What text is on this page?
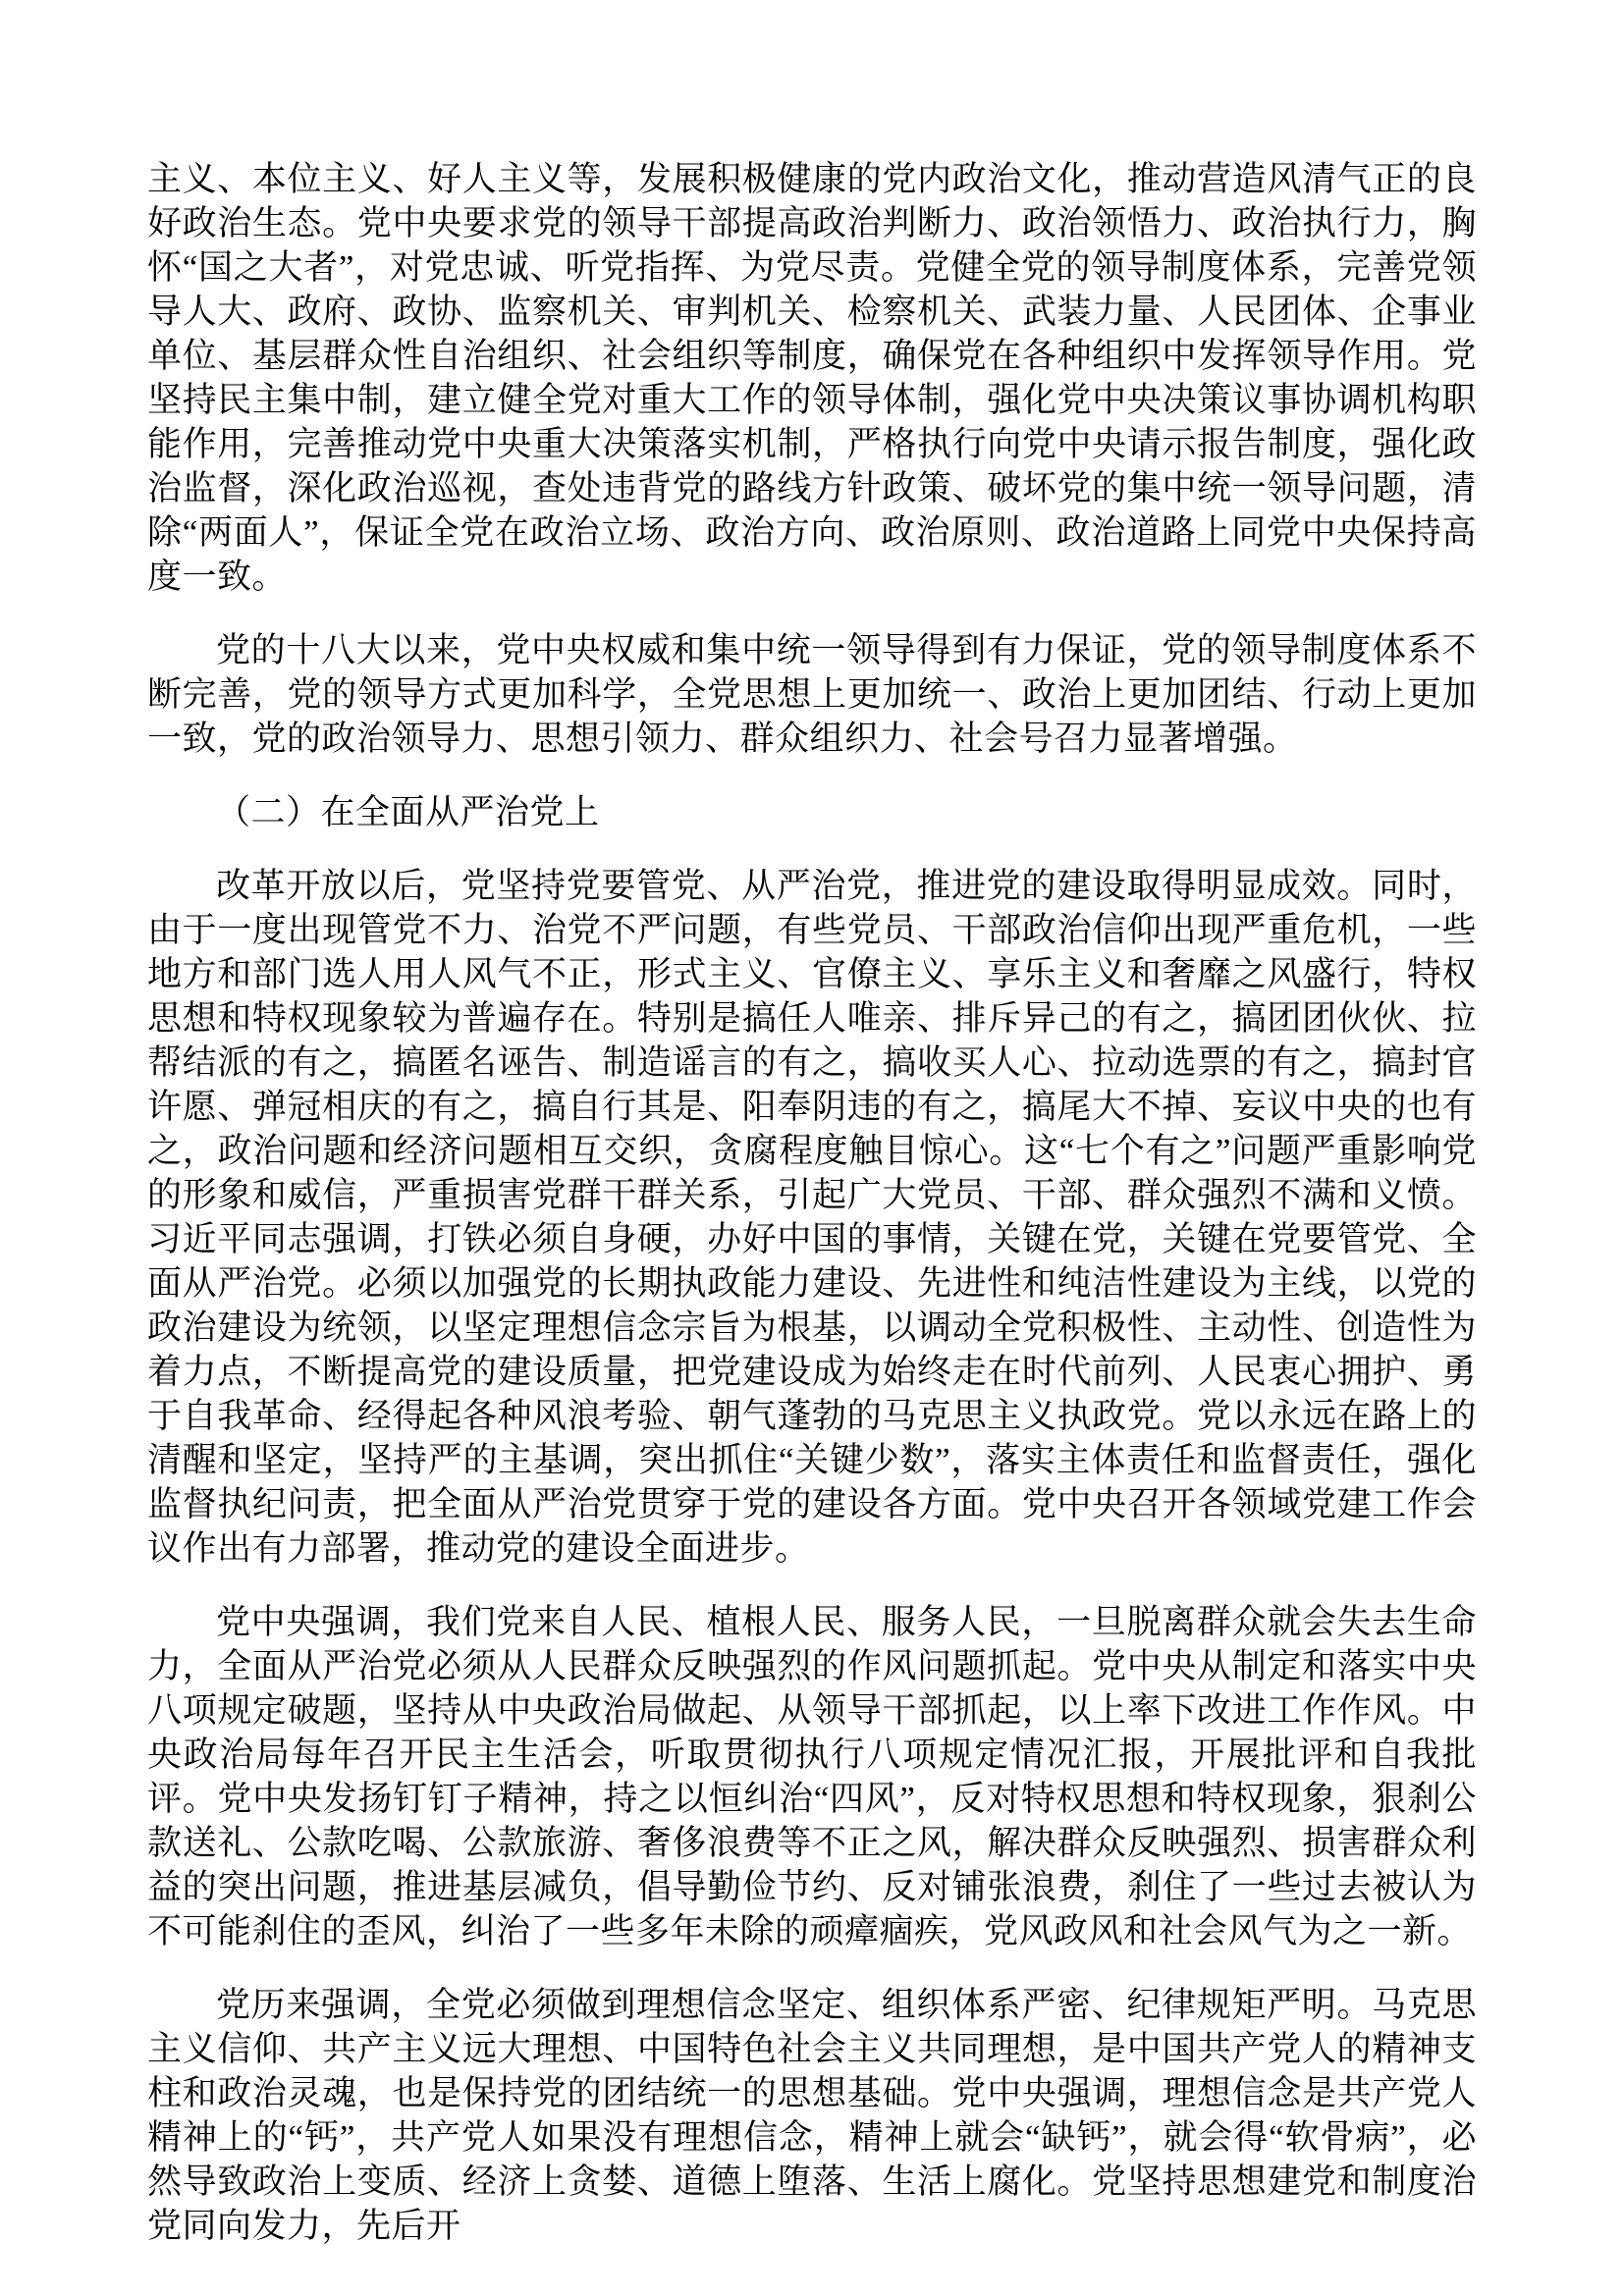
主义、本位主义、好人主义等，发展积极健康的党内政治文化，推动营造风清气正的良好政治生态。党中央要求党的领导干部提高政治判断力、政治领悟力、政治执行力，胸怀“国之大者”，对党忠诚、听党指挥、为党尽责。党健全党的领导制度体系，完善党领导人大、政府、政协、监察机关、审判机关、检察机关、武装力量、人民团体、企事业单位、基层群众性自治组织、社会组织等制度，确保党在各种组织中发挥领导作用。党坚持民主集中制，建立健全党对重大工作的领导体制，强化党中央决策议事协调机构职能作用，完善推动党中央重大决策落实机制，严格执行向党中央请示报告制度，强化政治监督，深化政治巡视，查处违背党的路线方针政策、破坏党的集中统一领导问题，清除“两面人”，保证全党在政治立场、政治方向、政治原则、政治道路上同党中央保持高度一致。

党的十八大以来，党中央权威和集中统一领导得到有力保证，党的领导制度体系不断完善，党的领导方式更加科学，全党思想上更加统一、政治上更加团结、行动上更加一致，党的政治领导力、思想引领力、群众组织力、社会号召力显著增强。

（二）在全面从严治党上

改革开放以后，党坚持党要管党、从严治党，推进党的建设取得明显成效。同时，由于一度出现管党不力、治党不严问题，有些党员、干部政治信仰出现严重危机，一些地方和部门选人用人风气不正，形式主义、官僚主义、享乐主义和奢靡之风盛行，特权思想和特权现象较为普遍存在。特别是搞任人唯亲、排斥异己的有之，搞团团伙伙、拉帮结派的有之，搞匿名诬告、制造谣言的有之，搞收买人心、拉动选票的有之，搞封官许愿、弹冠相庆的有之，搞自行其是、阳奉阴违的有之，搞尾大不掉、妄议中央的也有之，政治问题和经济问题相互交织，贪腐程度触目惊心。这“七个有之”问题严重影响党的形象和威信，严重损害党群干群关系，引起广大党员、干部、群众强烈不满和义愤。习近平同志强调，打铁必须自身硬，办好中国的事情，关键在党，关键在党要管党、全面从严治党。必须以加强党的长期执政能力建设、先进性和纯洁性建设为主线，以党的政治建设为统领，以坚定理想信念宗旨为根基，以调动全党积极性、主动性、创造性为着力点，不断提高党的建设质量，把党建设成为始终走在时代前列、人民衷心拥护、勇于自我革命、经得起各种风浪考验、朝气蓬勃的马克思主义执政党。党以永远在路上的清醒和坚定，坚持严的主基调，突出抓住“关键少数”，落实主体责任和监督责任，强化监督执纪问责，把全面从严治党贯穿于党的建设各方面。党中央召开各领域党建工作会议作出有力部署，推动党的建设全面进步。

党中央强调，我们党来自人民、植根人民、服务人民，一旦脱离群众就会失去生命力，全面从严治党必须从人民群众反映强烈的作风问题抓起。党中央从制定和落实中央八项规定破题，坚持从中央政治局做起、从领导干部抓起，以上率下改进工作作风。中央政治局每年召开民主生活会，听取贯彻执行八项规定情况汇报，开展批评和自我批评。党中央发扬钉钉子精神，持之以恒纠治“四风”，反对特权思想和特权现象，狠刹公款送礼、公款吃喝、公款旅游、奢侈浪费等不正之风，解决群众反映强烈、损害群众利益的突出问题，推进基层减负，倡导勤俭节约、反对铺张浪费，刹住了一些过去被认为不可能刹住的歪风，纠治了一些多年未除的顽瘴痼疾，党风政风和社会风气为之一新。

党历来强调，全党必须做到理想信念坚定、组织体系严密、纪律规矩严明。马克思主义信仰、共产主义远大理想、中国特色社会主义共同理想，是中国共产党人的精神支柱和政治灵魂，也是保持党的团结统一的思想基础。党中央强调，理想信念是共产党人精神上的“钙”，共产党人如果没有理想信念，精神上就会“缺钙”，就会得“软骨病”，必然导致政治上变质、经济上贪婪、道德上堕落、生活上腐化。党坚持思想建党和制度治党同向发力，先后开
